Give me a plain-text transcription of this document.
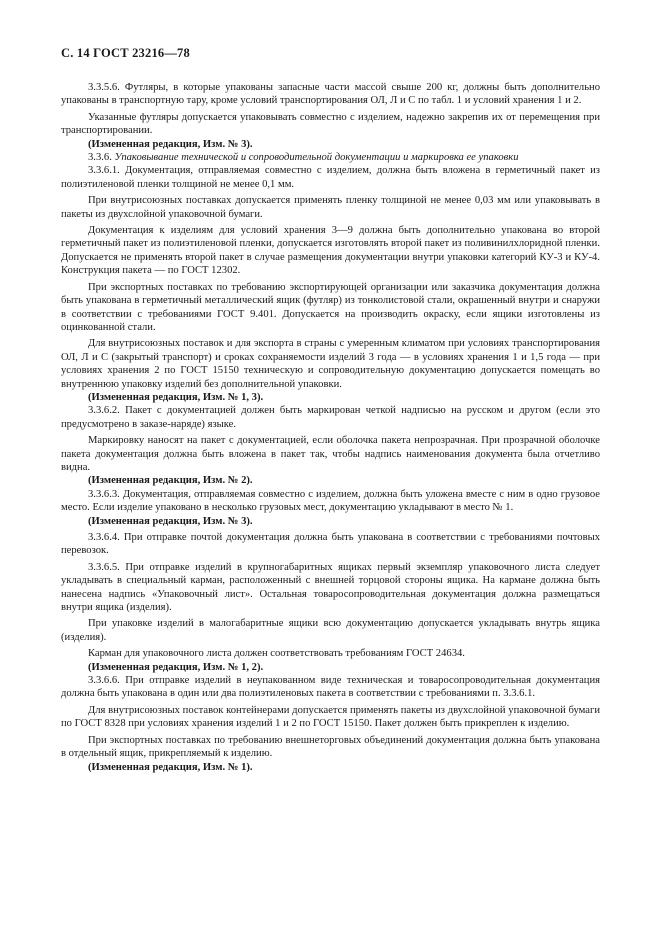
С. 14 ГОСТ 23216—78

3.3.5.6. Футляры, в которые упакованы запасные части массой свыше 200 кг, должны быть дополнительно упакованы в транспортную тару, кроме условий транспортирования ОЛ, Л и С по табл. 1 и условий хранения 1 и 2.

Указанные футляры допускается упаковывать совместно с изделием, надежно закрепив их от перемещения при транспортировании.

(Измененная редакция, Изм. № 3).

3.3.6. Упаковывание технической и сопроводительной документации и маркировка ее упаковки

3.3.6.1. Документация, отправляемая совместно с изделием, должна быть вложена в герметичный пакет из полиэтиленовой пленки толщиной не менее 0,1 мм.

При внутрисоюзных поставках допускается применять пленку толщиной не менее 0,03 мм или упаковывать в пакеты из двухслойной упаковочной бумаги.

Документация к изделиям для условий хранения 3—9 должна быть дополнительно упакована во второй герметичный пакет из полиэтиленовой пленки, допускается изготовлять второй пакет из поливинилхлоридной пленки. Допускается не применять второй пакет в случае размещения документации внутри упаковки категорий КУ-3 и КУ-4. Конструкция пакета — по ГОСТ 12302.

При экспортных поставках по требованию экспортирующей организации или заказчика документация должна быть упакована в герметичный металлический ящик (футляр) из тонколистовой стали, окрашенный внутри и снаружи в соответствии с требованиями ГОСТ 9.401. Допускается на производить окраску, если ящики изготовлены из оцинкованной стали.

Для внутрисоюзных поставок и для экспорта в страны с умеренным климатом при условиях транспортирования ОЛ, Л и С (закрытый транспорт) и сроках сохраняемости изделий 3 года — в условиях хранения 1 и 1,5 года — при условиях хранения 2 по ГОСТ 15150 техническую и сопроводительную документацию допускается помещать во внутреннюю упаковку изделий без дополнительной упаковки.

(Измененная редакция, Изм. № 1, 3).

3.3.6.2. Пакет с документацией должен быть маркирован четкой надписью на русском и другом (если это предусмотрено в заказе-наряде) языке.

Маркировку наносят на пакет с документацией, если оболочка пакета непрозрачная. При прозрачной оболочке пакета документация должна быть вложена в пакет так, чтобы надпись наименования документа была отчетливо видна.

(Измененная редакция, Изм. № 2).

3.3.6.3. Документация, отправляемая совместно с изделием, должна быть уложена вместе с ним в одно грузовое место. Если изделие упаковано в несколько грузовых мест, документацию укладывают в место № 1.

(Измененная редакция, Изм. № 3).

3.3.6.4. При отправке почтой документация должна быть упакована в соответствии с требованиями почтовых перевозок.

3.3.6.5. При отправке изделий в крупногабаритных ящиках первый экземпляр упаковочного листа следует укладывать в специальный карман, расположенный с внешней торцовой стороны ящика. На кармане должна быть нанесена надпись «Упаковочный лист». Остальная товаросопроводительная документация должна размещаться внутри ящика (изделия).

При упаковке изделий в малогабаритные ящики всю документацию допускается укладывать внутрь ящика (изделия).

Карман для упаковочного листа должен соответствовать требованиям ГОСТ 24634.

(Измененная редакция, Изм. № 1, 2).

3.3.6.6. При отправке изделий в неупакованном виде техническая и товаросопроводительная документация должна быть упакована в один или два полиэтиленовых пакета в соответствии с требованиями п. 3.3.6.1.

Для внутрисоюзных поставок контейнерами допускается применять пакеты из двухслойной упаковочной бумаги по ГОСТ 8328 при условиях хранения изделий 1 и 2 по ГОСТ 15150. Пакет должен быть прикреплен к изделию.

При экспортных поставках по требованию внешнеторговых объединений документация должна быть упакована в отдельный ящик, прикрепляемый к изделию.

(Измененная редакция, Изм. № 1).
